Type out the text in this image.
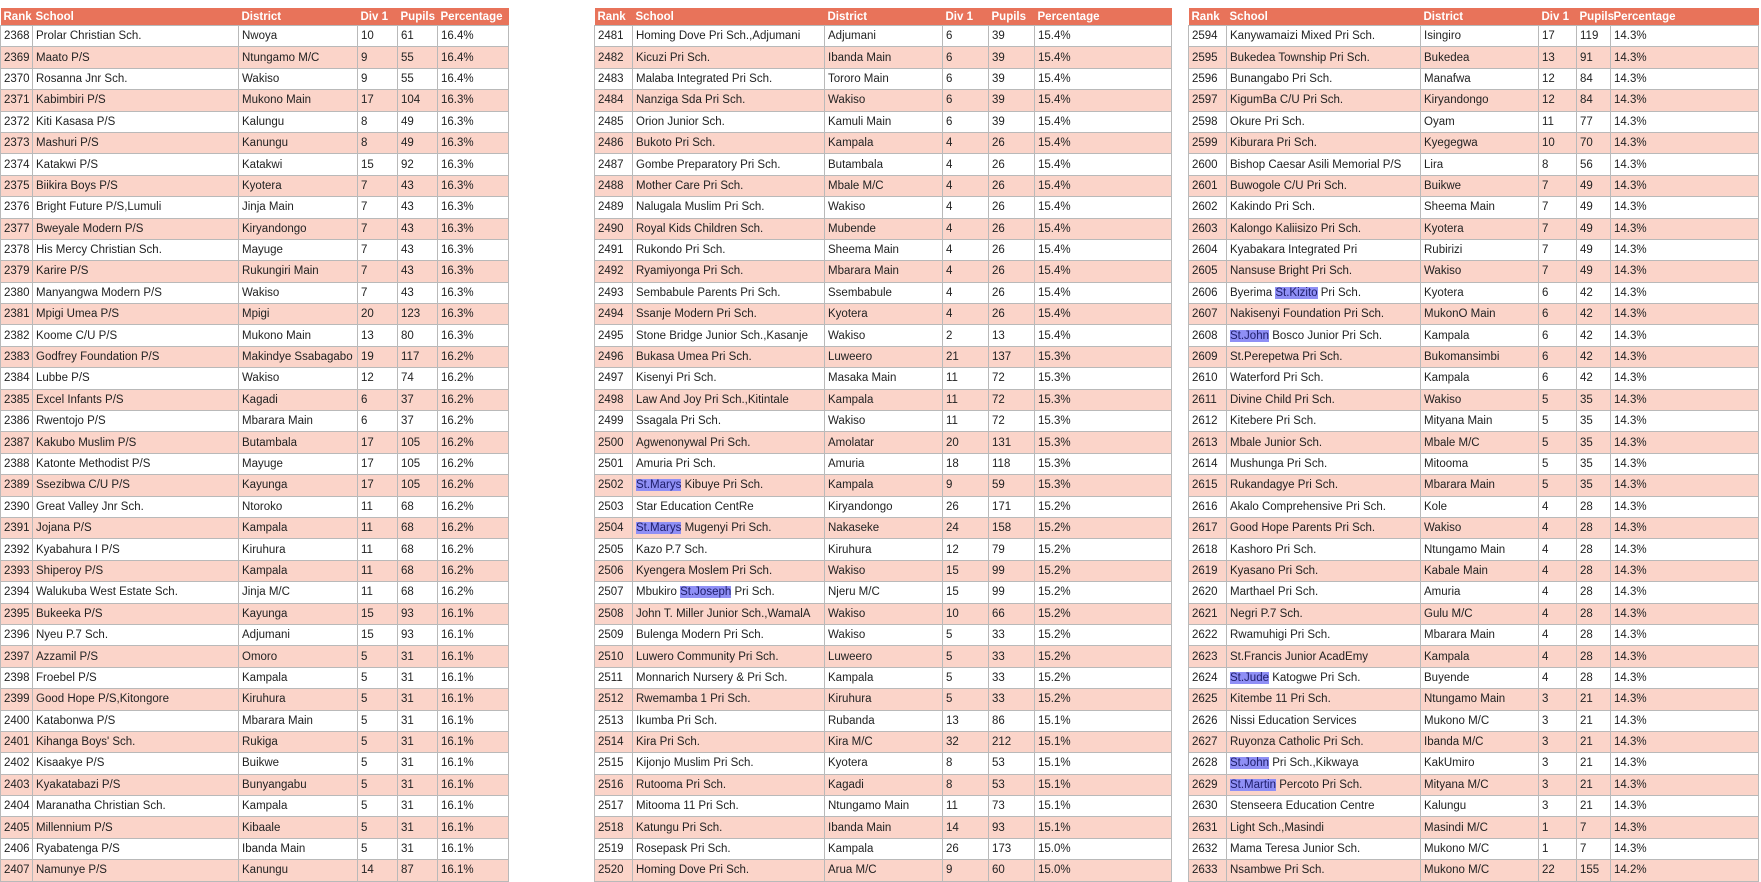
Rank	School	District	Div 1	Pupils	Percentage
2368	Prolar Christian Sch.	Nwoya	10	61	16.4%
2369	Maato P/S	Ntungamo M/C	9	55	16.4%
2370	Rosanna Jnr Sch.	Wakiso	9	55	16.4%
2371	Kabimbiri P/S	Mukono Main	17	104	16.3%
2372	Kiti Kasasa P/S	Kalungu	8	49	16.3%
2373	Mashuri P/S	Kanungu	8	49	16.3%
2374	Katakwi P/S	Katakwi	15	92	16.3%
2375	Biikira Boys P/S	Kyotera	7	43	16.3%
2376	Bright Future P/S,Lumuli	Jinja Main	7	43	16.3%
2377	Bweyale Modern P/S	Kiryandongo	7	43	16.3%
2378	His Mercy Christian Sch.	Mayuge	7	43	16.3%
2379	Karire P/S	Rukungiri Main	7	43	16.3%
2380	Manyangwa Modern P/S	Wakiso	7	43	16.3%
2381	Mpigi Umea P/S	Mpigi	20	123	16.3%
2382	Koome C/U P/S	Mukono Main	13	80	16.3%
2383	Godfrey Foundation P/S	Makindye Ssabagabo	19	117	16.2%
2384	Lubbe P/S	Wakiso	12	74	16.2%
2385	Excel Infants P/S	Kagadi	6	37	16.2%
2386	Rwentojo P/S	Mbarara Main	6	37	16.2%
2387	Kakubo Muslim P/S	Butambala	17	105	16.2%
2388	Katonte Methodist P/S	Mayuge	17	105	16.2%
2389	Ssezibwa C/U P/S	Kayunga	17	105	16.2%
2390	Great Valley Jnr Sch.	Ntoroko	11	68	16.2%
2391	Jojana P/S	Kampala	11	68	16.2%
2392	Kyabahura I P/S	Kiruhura	11	68	16.2%
2393	Shiperoy P/S	Kampala	11	68	16.2%
2394	Walukuba West Estate Sch.	Jinja M/C	11	68	16.2%
2395	Bukeeka P/S	Kayunga	15	93	16.1%
2396	Nyeu P.7 Sch.	Adjumani	15	93	16.1%
2397	Azzamil P/S	Omoro	5	31	16.1%
2398	Froebel P/S	Kampala	5	31	16.1%
2399	Good Hope P/S,Kitongore	Kiruhura	5	31	16.1%
2400	Katabonwa P/S	Mbarara Main	5	31	16.1%
2401	Kihanga Boys' Sch.	Rukiga	5	31	16.1%
2402	Kisaakye P/S	Buikwe	5	31	16.1%
2403	Kyakatabazi P/S	Bunyangabu	5	31	16.1%
2404	Maranatha Christian Sch.	Kampala	5	31	16.1%
2405	Millennium P/S	Kibaale	5	31	16.1%
2406	Ryabatenga P/S	Ibanda Main	5	31	16.1%
2407	Namunye P/S	Kanungu	14	87	16.1%
Rank	School	District	Div 1	Pupils	Percentage
2481	Homing Dove Pri Sch.,Adjumani	Adjumani	6	39	15.4%
2482	Kicuzi Pri Sch.	Ibanda Main	6	39	15.4%
2483	Malaba Integrated Pri Sch.	Tororo Main	6	39	15.4%
2484	Nanziga Sda Pri Sch.	Wakiso	6	39	15.4%
2485	Orion Junior Sch.	Kamuli Main	6	39	15.4%
2486	Bukoto Pri Sch.	Kampala	4	26	15.4%
2487	Gombe Preparatory Pri Sch.	Butambala	4	26	15.4%
2488	Mother Care Pri Sch.	Mbale M/C	4	26	15.4%
2489	Nalugala Muslim Pri Sch.	Wakiso	4	26	15.4%
2490	Royal Kids Children Sch.	Mubende	4	26	15.4%
2491	Rukondo Pri Sch.	Sheema Main	4	26	15.4%
2492	Ryamiyonga Pri Sch.	Mbarara Main	4	26	15.4%
2493	Sembabule Parents Pri Sch.	Ssembabule	4	26	15.4%
2494	Ssanje Modern Pri Sch.	Kyotera	4	26	15.4%
2495	Stone Bridge Junior Sch.,Kasanje	Wakiso	2	13	15.4%
2496	Bukasa Umea Pri Sch.	Luweero	21	137	15.3%
2497	Kisenyi Pri Sch.	Masaka Main	11	72	15.3%
2498	Law And Joy Pri Sch.,Kitintale	Kampala	11	72	15.3%
2499	Ssagala Pri Sch.	Wakiso	11	72	15.3%
2500	Agwenonywal Pri Sch.	Amolatar	20	131	15.3%
2501	Amuria Pri Sch.	Amuria	18	118	15.3%
2502	St.Marys Kibuye Pri Sch.	Kampala	9	59	15.3%
2503	Star Education CentRe	Kiryandongo	26	171	15.2%
2504	St.Marys Mugenyi Pri Sch.	Nakaseke	24	158	15.2%
2505	Kazo P.7 Sch.	Kiruhura	12	79	15.2%
2506	Kyengera Moslem Pri Sch.	Wakiso	15	99	15.2%
2507	Mbukiro St.Joseph Pri Sch.	Njeru M/C	15	99	15.2%
2508	John T. Miller Junior Sch.,WamalA	Wakiso	10	66	15.2%
2509	Bulenga Modern Pri Sch.	Wakiso	5	33	15.2%
2510	Luwero Community Pri Sch.	Luweero	5	33	15.2%
2511	Monnarich Nursery & Pri Sch.	Kampala	5	33	15.2%
2512	Rwemamba 1 Pri Sch.	Kiruhura	5	33	15.2%
2513	Ikumba Pri Sch.	Rubanda	13	86	15.1%
2514	Kira Pri Sch.	Kira M/C	32	212	15.1%
2515	Kijonjo Muslim Pri Sch.	Kyotera	8	53	15.1%
2516	Rutooma Pri Sch.	Kagadi	8	53	15.1%
2517	Mitooma 11 Pri Sch.	Ntungamo Main	11	73	15.1%
2518	Katungu Pri Sch.	Ibanda Main	14	93	15.1%
2519	Rosepask Pri Sch.	Kampala	26	173	15.0%
2520	Homing Dove Pri Sch.	Arua M/C	9	60	15.0%
Rank	School	District	Div 1	Pupils	Percentage
2594	Kanywamaizi Mixed Pri Sch.	Isingiro	17	119	14.3%
2595	Bukedea Township Pri Sch.	Bukedea	13	91	14.3%
2596	Bunangabo Pri Sch.	Manafwa	12	84	14.3%
2597	KigumBa C/U Pri Sch.	Kiryandongo	12	84	14.3%
2598	Okure Pri Sch.	Oyam	11	77	14.3%
2599	Kiburara Pri Sch.	Kyegegwa	10	70	14.3%
2600	Bishop Caesar Asili Memorial P/S	Lira	8	56	14.3%
2601	Buwogole C/U Pri Sch.	Buikwe	7	49	14.3%
2602	Kakindo Pri Sch.	Sheema Main	7	49	14.3%
2603	Kalongo Kaliisizo Pri Sch.	Kyotera	7	49	14.3%
2604	Kyabakara Integrated Pri	Rubirizi	7	49	14.3%
2605	Nansuse Bright Pri Sch.	Wakiso	7	49	14.3%
2606	Byerima St.Kizito Pri Sch.	Kyotera	6	42	14.3%
2607	Nakisenyi Foundation Pri Sch.	MukonO Main	6	42	14.3%
2608	St.John Bosco Junior Pri Sch.	Kampala	6	42	14.3%
2609	St.Perepetwa Pri Sch.	Bukomansimbi	6	42	14.3%
2610	Waterford Pri Sch.	Kampala	6	42	14.3%
2611	Divine Child Pri Sch.	Wakiso	5	35	14.3%
2612	Kitebere Pri Sch.	Mityana Main	5	35	14.3%
2613	Mbale Junior Sch.	Mbale M/C	5	35	14.3%
2614	Mushunga Pri Sch.	Mitooma	5	35	14.3%
2615	Rukandagye Pri Sch.	Mbarara Main	5	35	14.3%
2616	Akalo Comprehensive Pri Sch.	Kole	4	28	14.3%
2617	Good Hope Parents Pri Sch.	Wakiso	4	28	14.3%
2618	Kashoro Pri Sch.	Ntungamo Main	4	28	14.3%
2619	Kyasano Pri Sch.	Kabale Main	4	28	14.3%
2620	Marthael Pri Sch.	Amuria	4	28	14.3%
2621	Negri P.7 Sch.	Gulu M/C	4	28	14.3%
2622	Rwamuhigi Pri Sch.	Mbarara Main	4	28	14.3%
2623	St.Francis Junior AcadEmy	Kampala	4	28	14.3%
2624	St.Jude Katogwe Pri Sch.	Buyende	4	28	14.3%
2625	Kitembe 11 Pri Sch.	Ntungamo Main	3	21	14.3%
2626	Nissi Education Services	Mukono M/C	3	21	14.3%
2627	Ruyonza Catholic Pri Sch.	Ibanda M/C	3	21	14.3%
2628	St.John Pri Sch.,Kikwaya	KakUmiro	3	21	14.3%
2629	St.Martin Percoto Pri Sch.	Mityana M/C	3	21	14.3%
2630	Stenseera Education Centre	Kalungu	3	21	14.3%
2631	Light Sch.,Masindi	Masindi M/C	1	7	14.3%
2632	Mama Teresa Junior Sch.	Mukono M/C	1	7	14.3%
2633	Nsambwe Pri Sch.	Mukono M/C	22	155	14.2%
